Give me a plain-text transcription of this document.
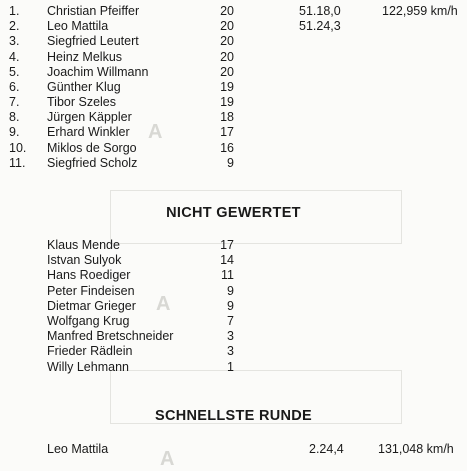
A
A
A
1. Christian Pfeiffer	20	51.18,0	122,959 km/h
2. Leo Mattila	20	51.24,3
3. Siegfried Leutert	20
4. Heinz Melkus	20
5. Joachim Willmann	20
6. Günther Klug	19
7. Tibor Szeles	19
8. Jürgen Käppler	18
9. Erhard Winkler	17
10. Miklos de Sorgo	16
11. Siegfried Scholz	9
NICHT GEWERTET
Klaus Mende	17
Istvan Sulyok	14
Hans Roediger	11
Peter Findeisen	9
Dietmar Grieger	9
Wolfgang Krug	7
Manfred Bretschneider	3
Frieder Rädlein	3
Willy Lehmann	1
SCHNELLSTE RUNDE
Leo Mattila	2.24,4	131,048 km/h
